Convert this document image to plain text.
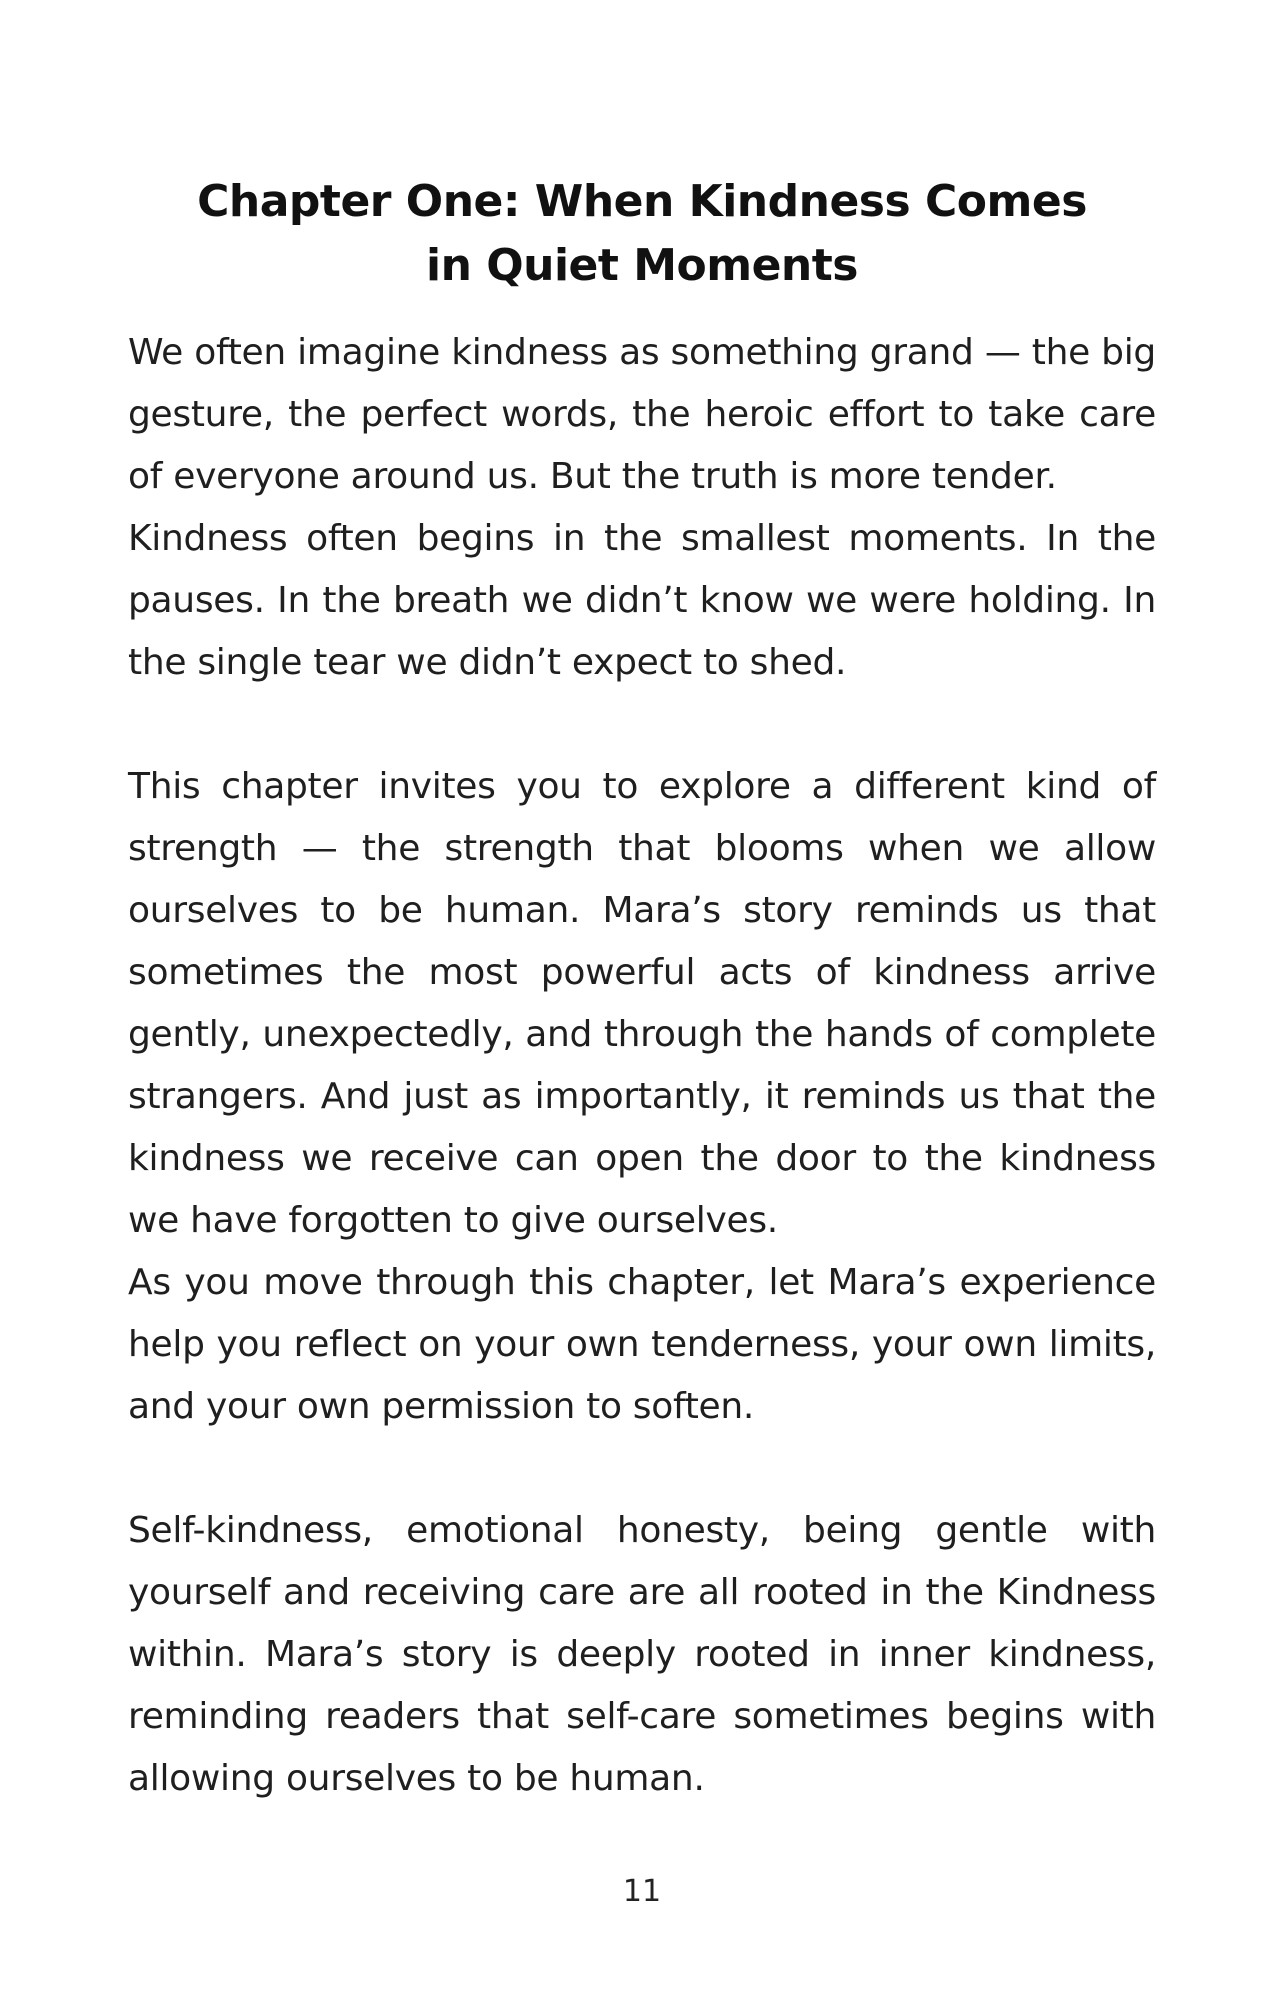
Chapter One: When Kindness Comes
in Quiet Moments

We often imagine kindness as something grand — the big gesture, the perfect words, the heroic effort to take care of everyone around us. But the truth is more tender.

Kindness often begins in the smallest moments. In the pauses. In the breath we didn’t know we were holding. In the single tear we didn’t expect to shed.

This chapter invites you to explore a different kind of strength — the strength that blooms when we allow ourselves to be human. Mara’s story reminds us that sometimes the most powerful acts of kindness arrive gently, unexpectedly, and through the hands of complete strangers. And just as importantly, it reminds us that the kindness we receive can open the door to the kindness we have forgotten to give ourselves.

As you move through this chapter, let Mara’s experience help you reflect on your own tenderness, your own limits, and your own permission to soften.

Self-kindness, emotional honesty, being gentle with yourself and receiving care are all rooted in the Kindness within. Mara’s story is deeply rooted in inner kindness, reminding readers that self-care sometimes begins with allowing ourselves to be human.

11
